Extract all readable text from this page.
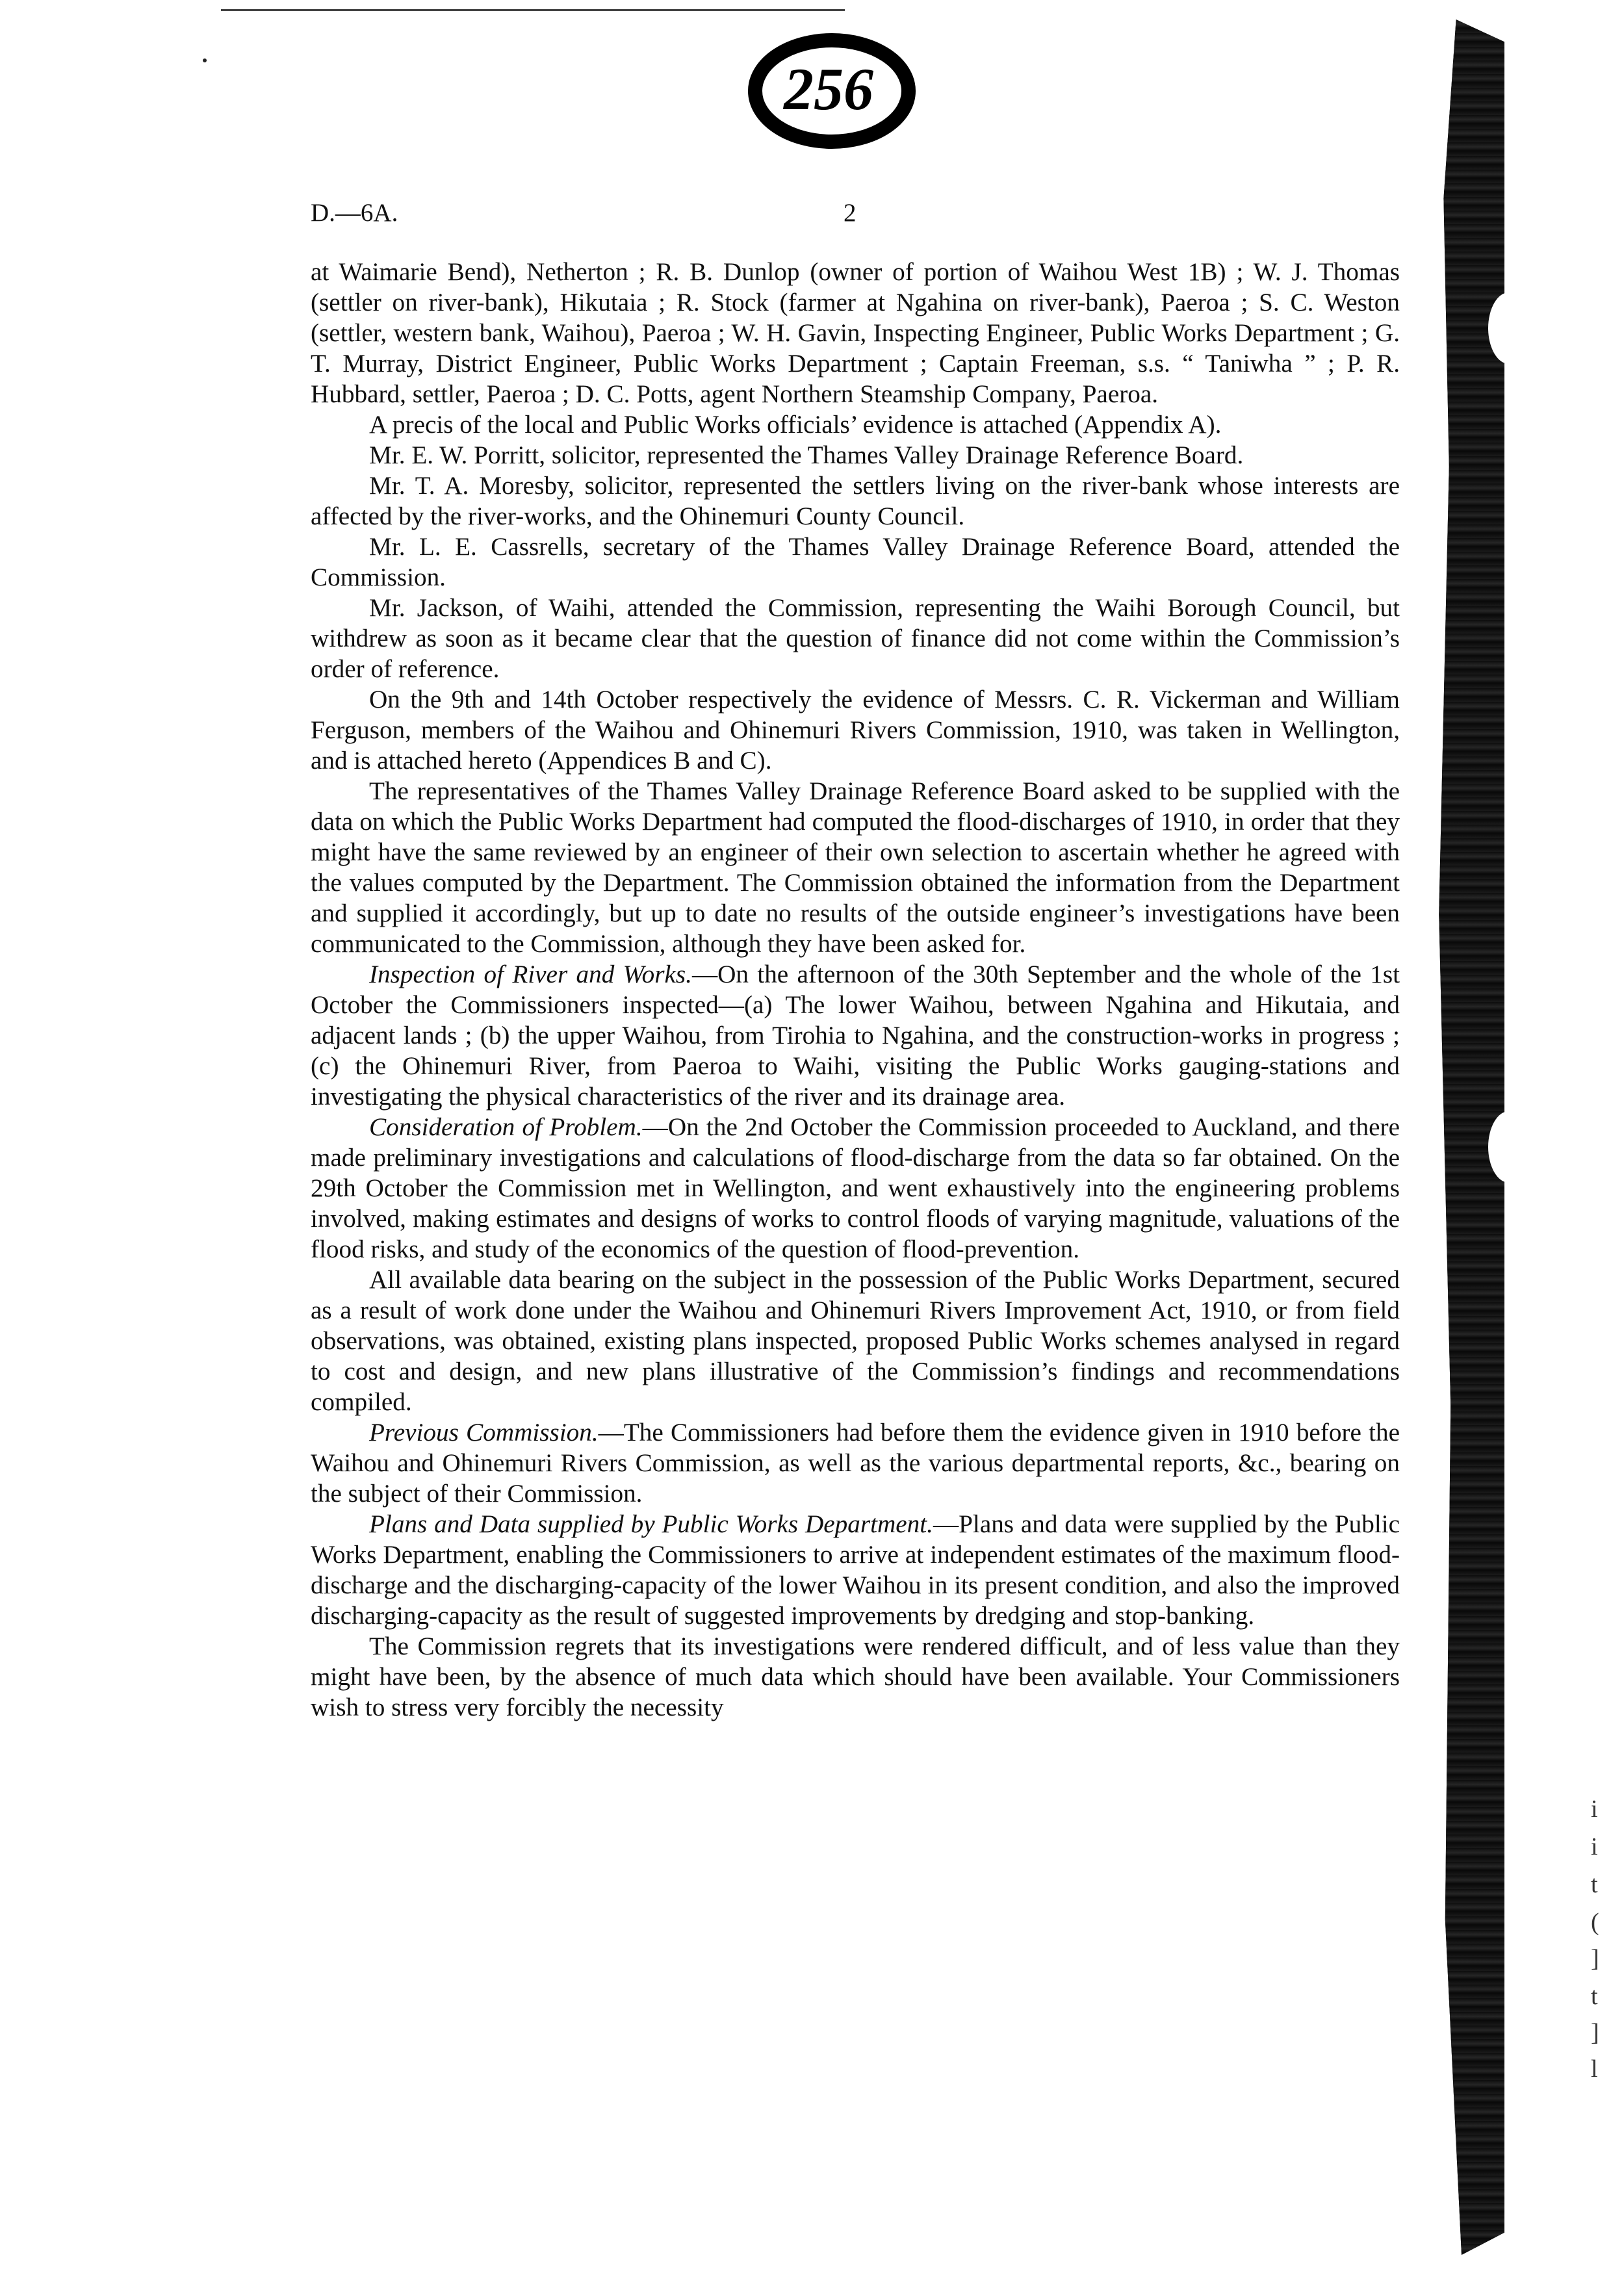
256
D.—6A.	2

at Waimarie Bend), Netherton ; R. B. Dunlop (owner of portion of Waihou West 1B) ; W. J. Thomas (settler on river-bank), Hikutaia ; R. Stock (farmer at Ngahina on river-bank), Paeroa ; S. C. Weston (settler, western bank, Waihou), Paeroa ; W. H. Gavin, Inspecting Engineer, Public Works Department ; G. T. Murray, District Engineer, Public Works Department ; Captain Freeman, s.s. “ Taniwha ” ; P. R. Hubbard, settler, Paeroa ; D. C. Potts, agent Northern Steamship Company, Paeroa.

A precis of the local and Public Works officials’ evidence is attached (Appendix A).

Mr. E. W. Porritt, solicitor, represented the Thames Valley Drainage Reference Board.

Mr. T. A. Moresby, solicitor, represented the settlers living on the river-bank whose interests are affected by the river-works, and the Ohinemuri County Council.

Mr. L. E. Cassrells, secretary of the Thames Valley Drainage Reference Board, attended the Commission.

Mr. Jackson, of Waihi, attended the Commission, representing the Waihi Borough Council, but withdrew as soon as it became clear that the question of finance did not come within the Commission’s order of reference.

On the 9th and 14th October respectively the evidence of Messrs. C. R. Vickerman and William Ferguson, members of the Waihou and Ohinemuri Rivers Commission, 1910, was taken in Wellington, and is attached hereto (Appendices B and C).

The representatives of the Thames Valley Drainage Reference Board asked to be supplied with the data on which the Public Works Department had computed the flood-discharges of 1910, in order that they might have the same reviewed by an engineer of their own selection to ascertain whether he agreed with the values computed by the Department. The Commission obtained the information from the Department and supplied it accordingly, but up to date no results of the outside engineer’s investigations have been communicated to the Commission, although they have been asked for.

Inspection of River and Works.—On the afternoon of the 30th September and the whole of the 1st October the Commissioners inspected—(a) The lower Waihou, between Ngahina and Hikutaia, and adjacent lands ; (b) the upper Waihou, from Tirohia to Ngahina, and the construction-works in progress ; (c) the Ohinemuri River, from Paeroa to Waihi, visiting the Public Works gauging-stations and investigating the physical characteristics of the river and its drainage area.

Consideration of Problem.—On the 2nd October the Commission proceeded to Auckland, and there made preliminary investigations and calculations of flood-discharge from the data so far obtained. On the 29th October the Commission met in Wellington, and went exhaustively into the engineering problems involved, making estimates and designs of works to control floods of varying magnitude, valuations of the flood risks, and study of the economics of the question of flood-prevention.

All available data bearing on the subject in the possession of the Public Works Department, secured as a result of work done under the Waihou and Ohinemuri Rivers Improvement Act, 1910, or from field observations, was obtained, existing plans inspected, proposed Public Works schemes analysed in regard to cost and design, and new plans illustrative of the Commission’s findings and recommendations compiled.

Previous Commission.—The Commissioners had before them the evidence given in 1910 before the Waihou and Ohinemuri Rivers Commission, as well as the various departmental reports, &c., bearing on the subject of their Commission.

Plans and Data supplied by Public Works Department.—Plans and data were supplied by the Public Works Department, enabling the Commissioners to arrive at independent estimates of the maximum flood-discharge and the discharging-capacity of the lower Waihou in its present condition, and also the improved discharging-capacity as the result of suggested improvements by dredging and stop-banking.

The Commission regrets that its investigations were rendered difficult, and of less value than they might have been, by the absence of much data which should have been available. Your Commissioners wish to stress very forcibly the necessity

i
i
t
(
]
t
]
l
